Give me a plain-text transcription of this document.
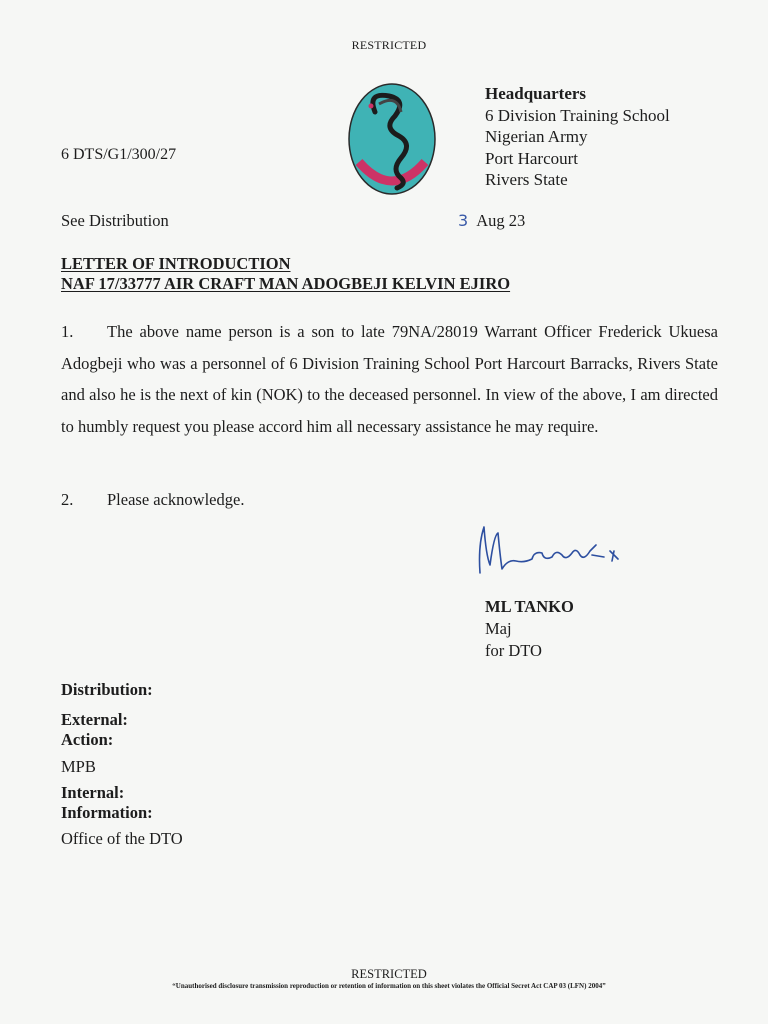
RESTRICTED
6 DTS/G1/300/27
Headquarters
6 Division Training School
Nigerian Army
Port Harcourt
Rivers State
See Distribution	3 Aug 23
LETTER OF INTRODUCTION
NAF 17/33777 AIR CRAFT MAN ADOGBEJI KELVIN EJIRO
1. The above name person is a son to late 79NA/28019 Warrant Officer Frederick Ukuesa Adogbeji who was a personnel of 6 Division Training School Port Harcourt Barracks, Rivers State and also he is the next of kin (NOK) to the deceased personnel. In view of the above, I am directed to humbly request you please accord him all necessary assistance he may require.
2. Please acknowledge.
ML TANKO
Maj
for DTO
Distribution:
External:
Action:
MPB
Internal:
Information:
Office of the DTO
RESTRICTED
“Unauthorised disclosure transmission reproduction or retention of information on this sheet violates the Official Secret Act CAP 03 (LFN) 2004”
